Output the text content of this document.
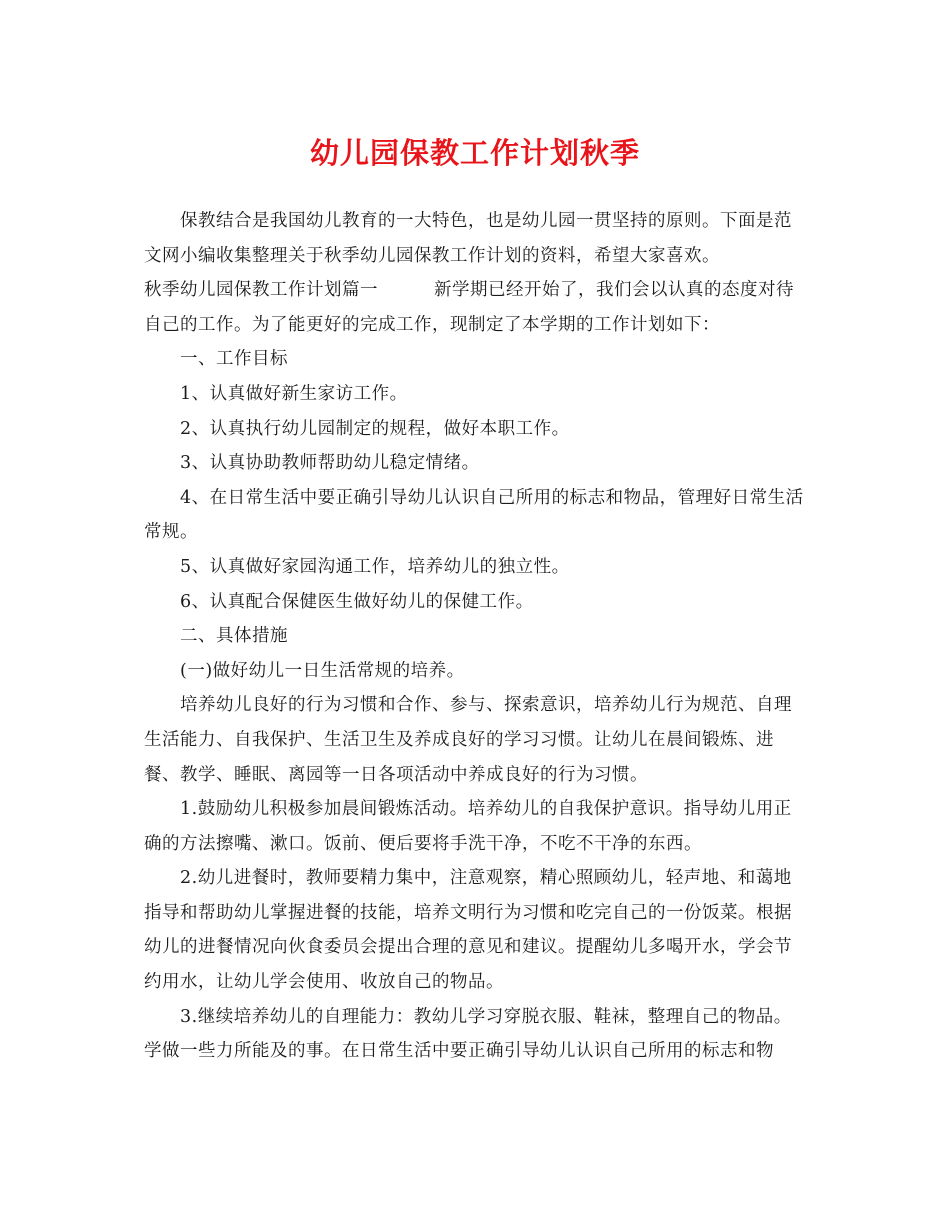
幼儿园保教工作计划秋季

保教结合是我国幼儿教育的一大特色，也是幼儿园一贯坚持的原则。下面是范文网小编收集整理关于秋季幼儿园保教工作计划的资料，希望大家喜欢。

秋季幼儿园保教工作计划篇一	新学期已经开始了，我们会以认真的态度对待自己的工作。为了能更好的完成工作，现制定了本学期的工作计划如下：

一、工作目标

1、认真做好新生家访工作。

2、认真执行幼儿园制定的规程，做好本职工作。

3、认真协助教师帮助幼儿稳定情绪。

4、在日常生活中要正确引导幼儿认识自己所用的标志和物品，管理好日常生活常规。

5、认真做好家园沟通工作，培养幼儿的独立性。

6、认真配合保健医生做好幼儿的保健工作。

二、具体措施

(一)做好幼儿一日生活常规的培养。

培养幼儿良好的行为习惯和合作、参与、探索意识，培养幼儿行为规范、自理生活能力、自我保护、生活卫生及养成良好的学习习惯。让幼儿在晨间锻炼、进餐、教学、睡眠、离园等一日各项活动中养成良好的行为习惯。

1.鼓励幼儿积极参加晨间锻炼活动。培养幼儿的自我保护意识。指导幼儿用正确的方法擦嘴、漱口。饭前、便后要将手洗干净，不吃不干净的东西。

2.幼儿进餐时，教师要精力集中，注意观察，精心照顾幼儿，轻声地、和蔼地指导和帮助幼儿掌握进餐的技能，培养文明行为习惯和吃完自己的一份饭菜。根据幼儿的进餐情况向伙食委员会提出合理的意见和建议。提醒幼儿多喝开水，学会节约用水，让幼儿学会使用、收放自己的物品。

3.继续培养幼儿的自理能力：教幼儿学习穿脱衣服、鞋袜，整理自己的物品。学做一些力所能及的事。在日常生活中要正确引导幼儿认识自己所用的标志和物
